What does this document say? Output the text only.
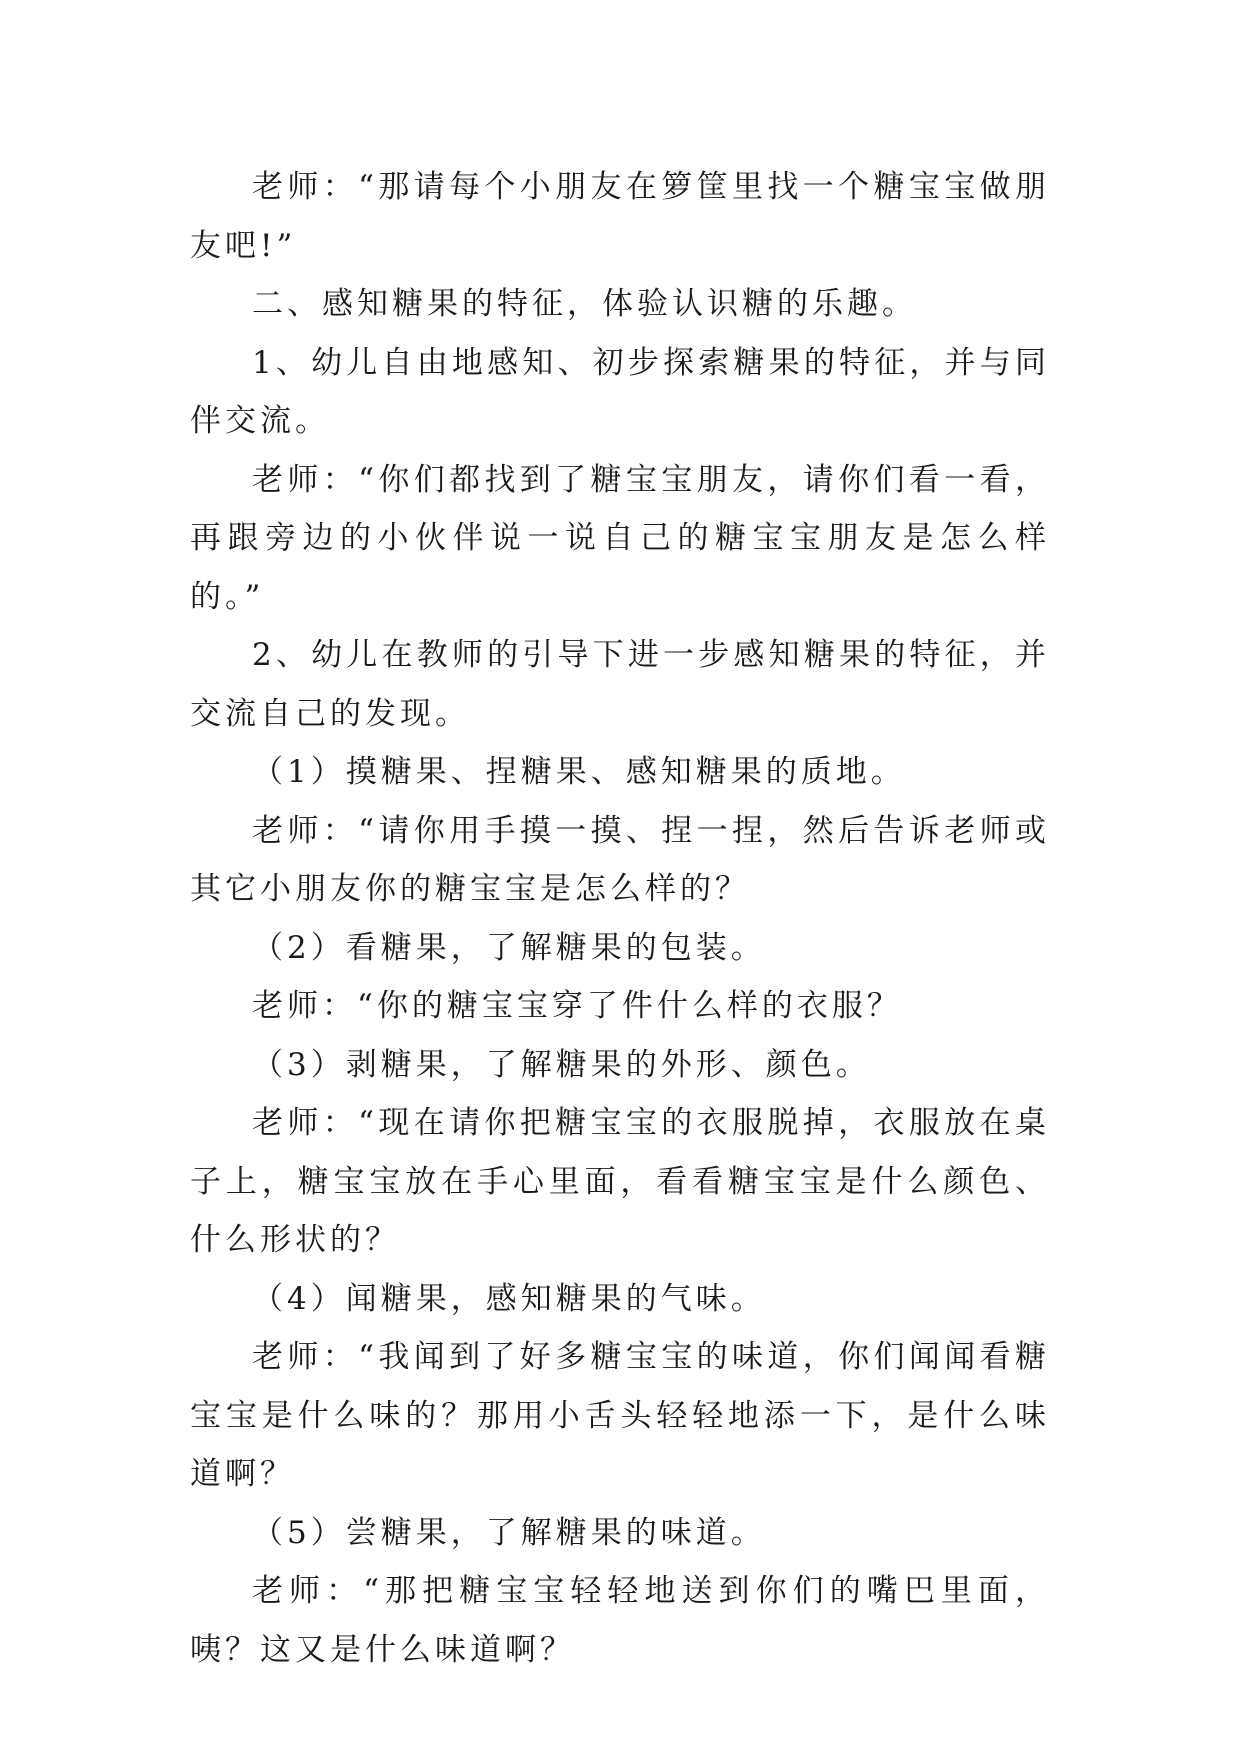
老师：“那请每个小朋友在箩筐里找一个糖宝宝做朋友吧!”

二、感知糖果的特征，体验认识糖的乐趣。

1、幼儿自由地感知、初步探索糖果的特征，并与同伴交流。

老师：“你们都找到了糖宝宝朋友，请你们看一看，再跟旁边的小伙伴说一说自己的糖宝宝朋友是怎么样的。”

2、幼儿在教师的引导下进一步感知糖果的特征，并交流自己的发现。

（1）摸糖果、捏糖果、感知糖果的质地。

老师：“请你用手摸一摸、捏一捏，然后告诉老师或其它小朋友你的糖宝宝是怎么样的？

（2）看糖果，了解糖果的包装。

老师：“你的糖宝宝穿了件什么样的衣服？

（3）剥糖果，了解糖果的外形、颜色。

老师：“现在请你把糖宝宝的衣服脱掉，衣服放在桌子上，糖宝宝放在手心里面，看看糖宝宝是什么颜色、什么形状的？

（4）闻糖果，感知糖果的气味。

老师：“我闻到了好多糖宝宝的味道，你们闻闻看糖宝宝是什么味的？那用小舌头轻轻地添一下，是什么味道啊？

（5）尝糖果，了解糖果的味道。

老师：“那把糖宝宝轻轻地送到你们的嘴巴里面，咦？这又是什么味道啊？
